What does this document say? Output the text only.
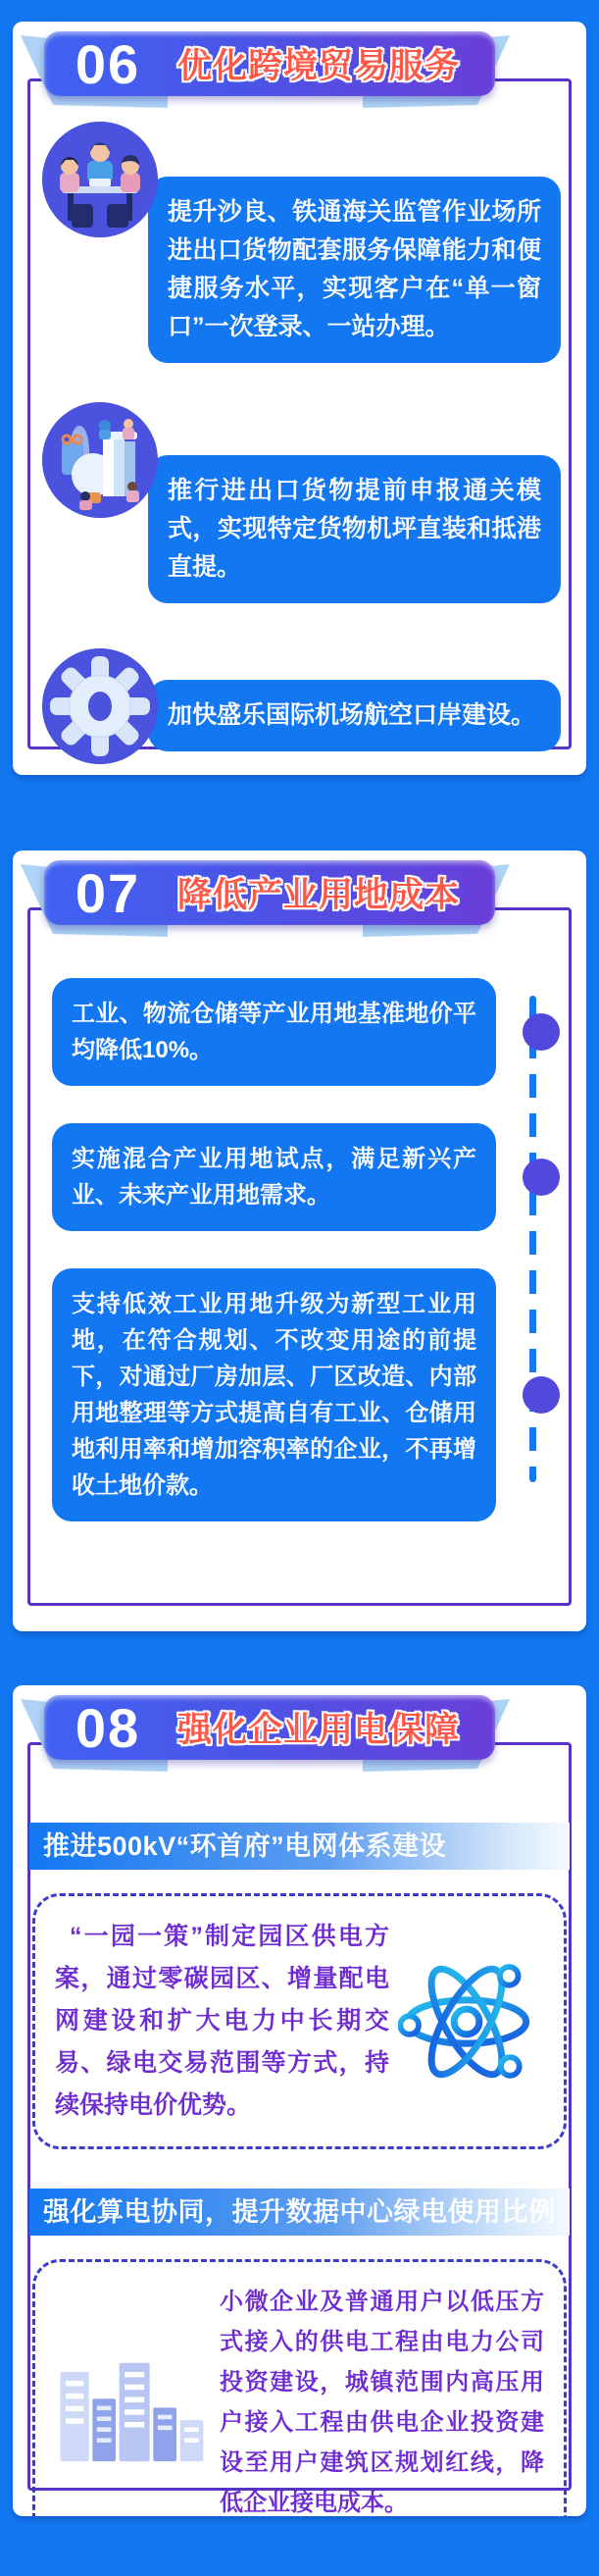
06	优化跨境贸易服务
提升沙良、铁通海关监管作业场所进出口货物配套服务保障能力和便捷服务水平，实现客户在“单一窗口”一次登录、一站办理。
推行进出口货物提前申报通关模式，实现特定货物机坪直装和抵港直提。
加快盛乐国际机场航空口岸建设。
07	降低产业用地成本
工业、物流仓储等产业用地基准地价平均降低10%。
实施混合产业用地试点，满足新兴产业、未来产业用地需求。
支持低效工业用地升级为新型工业用地，在符合规划、不改变用途的前提下，对通过厂房加层、厂区改造、内部用地整理等方式提高自有工业、仓储用地利用率和增加容积率的企业，不再增收土地价款。
08	强化企业用电保障
推进500kV“环首府”电网体系建设
“一园一策”制定园区供电方案，通过零碳园区、增量配电网建设和扩大电力中长期交易、绿电交易范围等方式，持续保持电价优势。
强化算电协同，提升数据中心绿电使用比例
小微企业及普通用户以低压方式接入的供电工程由电力公司投资建设，城镇范围内高压用户接入工程由供电企业投资建设至用户建筑区规划红线，降低企业接电成本。
